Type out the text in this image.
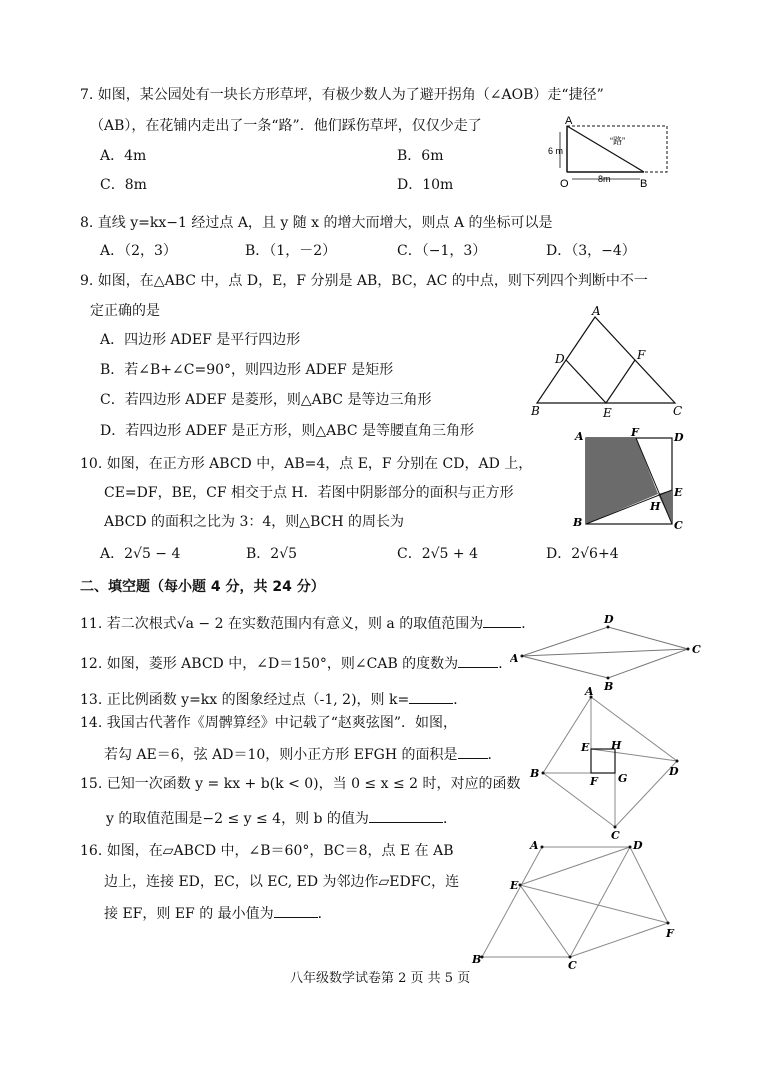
7. 如图，某公园处有一块长方形草坪，有极少数人为了避开拐角（∠AOB）走“捷径”
（AB），在花铺内走出了一条“路”．他们踩伤草坪，仅仅少走了
A．4m	B．6m
C．8m	D．10m
A
O	B
6 m
8m
“路”
8. 直线 y=kx−1 经过点 A，且 y 随 x 的增大而增大，则点 A 的坐标可以是
A．（2，3）	B．（1，－2）	C．（−1，3）	D．（3，−4）
9. 如图，在△ABC 中，点 D，E，F 分别是 AB，BC，AC 的中点，则下列四个判断中不一
定正确的是
A．四边形 ADEF 是平行四边形
B．若∠B+∠C=90°，则四边形 ADEF 是矩形
C．若四边形 ADEF 是菱形，则△ABC 是等边三角形
D．若四边形 ADEF 是正方形，则△ABC 是等腰直角三角形
A
B	C
D
E
F
10. 如图，在正方形 ABCD 中，AB=4，点 E，F 分别在 CD，AD 上，
CE=DF，BE，CF 相交于点 H．若图中阴影部分的面积与正方形
ABCD 的面积之比为 3：4，则△BCH 的周长为
A．2√5 − 4	B．2√5	C．2√5 + 4	D．2√6+4
A	F	D
E
H
B	C
二、填空题（每小题 4 分，共 24 分）
11. 若二次根式√a − 2 在实数范围内有意义，则 a 的取值范围为	．
A
D
C
B
12. 如图，菱形 ABCD 中，∠D＝150°，则∠CAB 的度数为	．
13. 正比例函数 y=kx 的图象经过点（-1, 2)，则 k=	．
14. 我国古代著作《周髀算经》中记载了“赵爽弦图”．如图，
若勾 AE＝6，弦 AD＝10，则小正方形 EFGH 的面积是 ．
A
B
C
D
E H
F G
15. 已知一次函数 y = kx + b(k < 0)，当 0 ≤ x ≤ 2 时，对应的函数
y 的取值范围是−2 ≤ y ≤ 4，则 b 的值为	．
16. 如图，在▱ABCD 中，∠B＝60°，BC＝8，点 E 在 AB
边上，连接 ED，EC，以 EC, ED 为邻边作▱EDFC，连
接 EF，则 EF 的 最小值为	．
A	D
E
F
B	C
八年级数学试卷第 2 页 共 5 页
